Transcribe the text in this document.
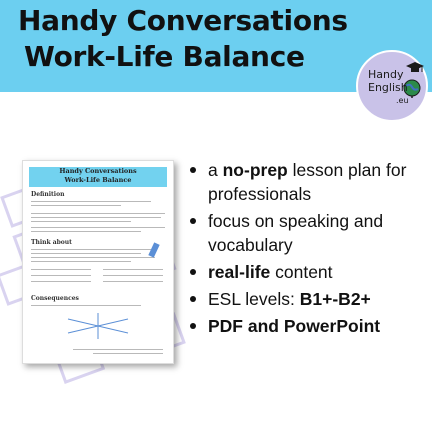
Handy Conversations
Work-Life Balance
Handy
English
.eu
Handy Conversations
Work-Life Balance
Definition
Think about
Consequences
a no-prep lesson plan for professionals
focus on speaking and vocabulary
real-life content
ESL levels: B1+-B2+
PDF and PowerPoint
